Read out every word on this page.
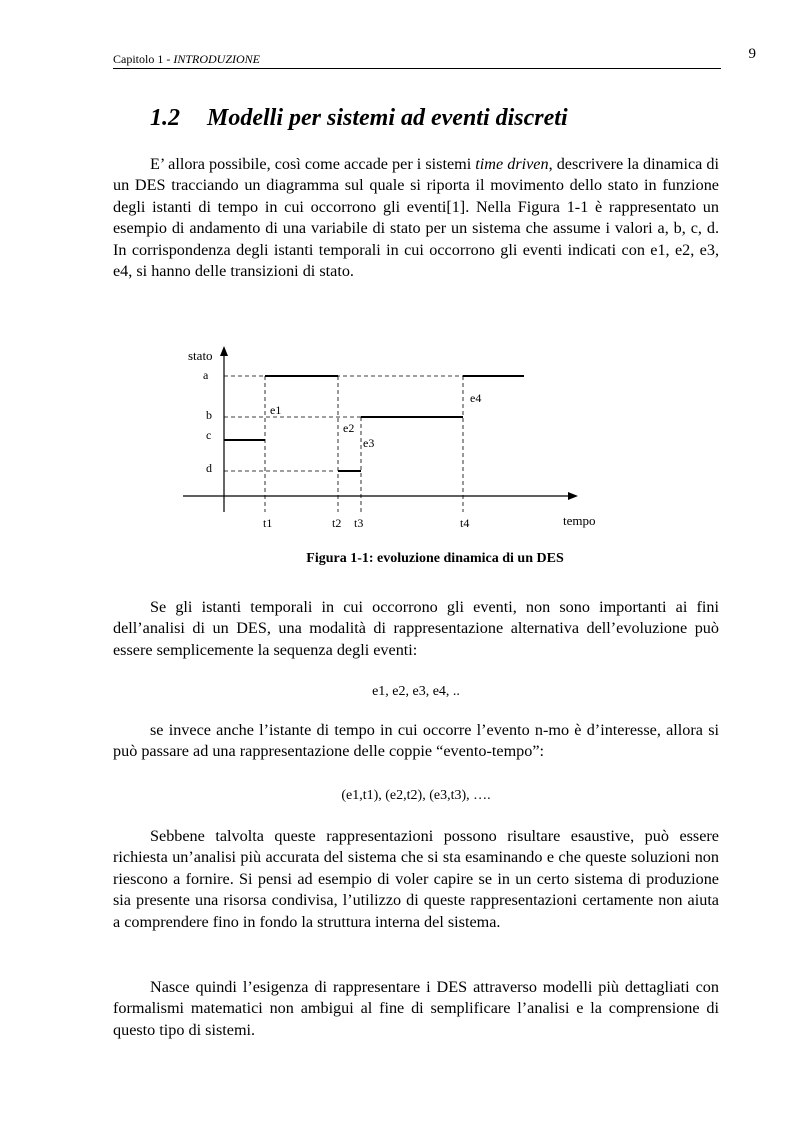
Capitolo 1 - INTRODUZIONE	9
1.2 Modelli per sistemi ad eventi discreti
E’ allora possibile, così come accade per i sistemi time driven, descrivere la dinamica di un DES tracciando un diagramma sul quale si riporta il movimento dello stato in funzione degli istanti di tempo in cui occorrono gli eventi[1]. Nella Figura 1-1 è rappresentato un esempio di andamento di una variabile di stato per un sistema che assume i valori a, b, c, d. In corrispondenza degli istanti temporali in cui occorrono gli eventi indicati con e1, e2, e3, e4, si hanno delle transizioni di stato.
stato
a
b
c
d
e1
e2
e3
e4
t1	t2 t3	t4	tempo
Figura 1-1: evoluzione dinamica di un DES
Se gli istanti temporali in cui occorrono gli eventi, non sono importanti ai fini dell’analisi di un DES, una modalità di rappresentazione alternativa dell’evoluzione può essere semplicemente la sequenza degli eventi:
e1, e2, e3, e4, ..
se invece anche l’istante di tempo in cui occorre l’evento n-mo è d’interesse, allora si può passare ad una rappresentazione delle coppie “evento-tempo”:
(e1,t1), (e2,t2), (e3,t3), ….
Sebbene talvolta queste rappresentazioni possono risultare esaustive, può essere richiesta un’analisi più accurata del sistema che si sta esaminando e che queste soluzioni non riescono a fornire. Si pensi ad esempio di voler capire se in un certo sistema di produzione sia presente una risorsa condivisa, l’utilizzo di queste rappresentazioni certamente non aiuta a comprendere fino in fondo la struttura interna del sistema.
Nasce quindi l’esigenza di rappresentare i DES attraverso modelli più dettagliati con formalismi matematici non ambigui al fine di semplificare l’analisi e la comprensione di questo tipo di sistemi.
